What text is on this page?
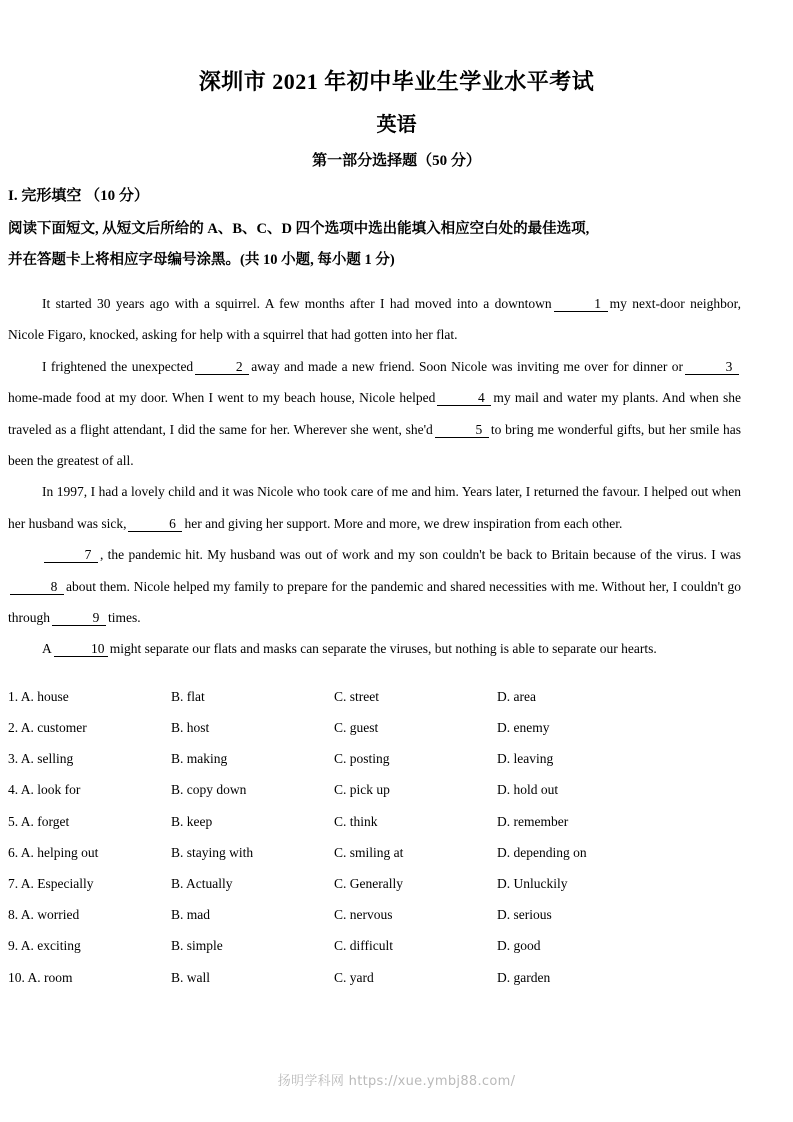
深圳市 2021 年初中毕业生学业水平考试
英语
第一部分选择题（50 分）
I. 完形填空 （10 分）
阅读下面短文, 从短文后所给的 A、B、C、D 四个选项中选出能填入相应空白处的最佳选项,
并在答题卡上将相应字母编号涂黑。(共 10 小题, 每小题 1 分)

It started 30 years ago with a squirrel. A few months after I had moved into a downtown	1 my next-door neighbor, Nicole Figaro, knocked, asking for help with a squirrel that had gotten into her flat.

I frightened the unexpected	2 away and made a new friend. Soon Nicole was inviting me over for dinner or	3home-made food at my door. When I went to my beach house, Nicole helped	4 my mail and water my plants. And when she traveled as a flight attendant, I did the same for her. Wherever she went, she'd	5 to bring me wonderful gifts, but her smile has been the greatest of all.

In 1997, I had a lovely child and it was Nicole who took care of me and him. Years later, I returned the favour. I helped out when her husband was sick,	6 her and giving her support. More and more, we drew inspiration from each other.

7 , the pandemic hit. My husband was out of work and my son couldn't be back to Britain because of the virus. I was8 about them. Nicole helped my family to prepare for the pandemic and shared necessities with me. Without her, I couldn't go through	9 times.

A	10 might separate our flats and masks can separate the viruses, but nothing is able to separate our hearts.

1. A. house	B. flat	C. street	D. area
2. A. customer	B. host	C. guest	D. enemy
3. A. selling	B. making	C. posting	D. leaving
4. A. look for	B. copy down	C. pick up	D. hold out
5. A. forget	B. keep	C. think	D. remember
6. A. helping out	B. staying with	C. smiling at	D. depending on
7. A. Especially	B. Actually	C. Generally	D. Unluckily
8. A. worried	B. mad	C. nervous	D. serious
9. A. exciting	B. simple	C. difficult	D. good
10. A. room	B. wall	C. yard	D. garden
扬明学科网 https://xue.ymbj88.com/
